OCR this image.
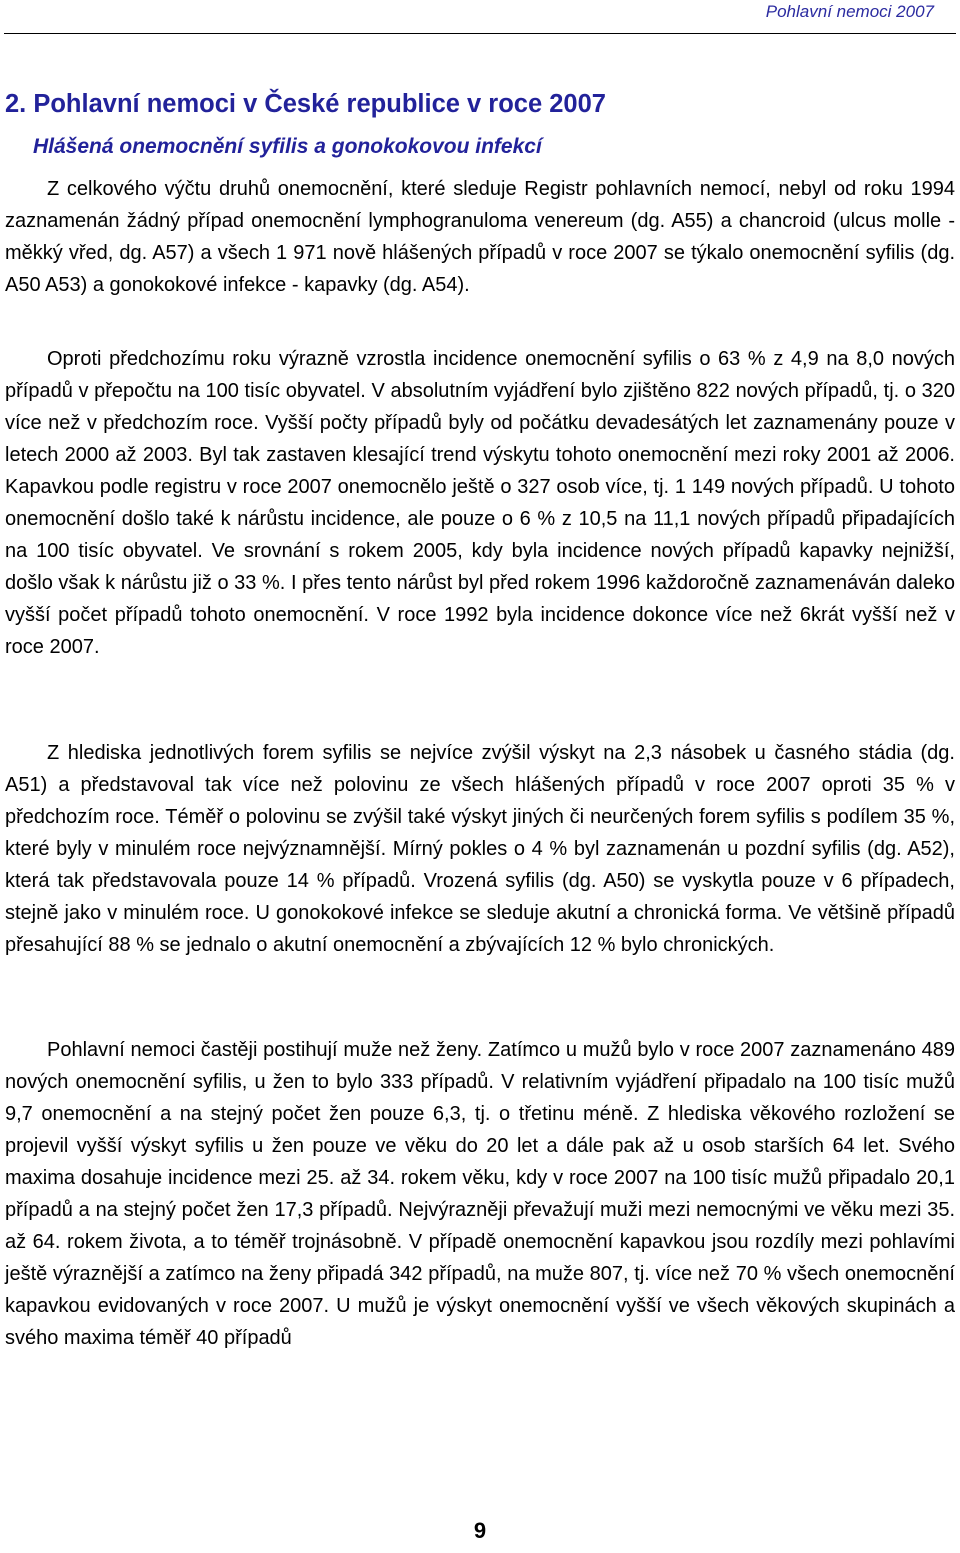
Pohlavní nemoci 2007
2. Pohlavní nemoci v České republice v roce 2007
Hlášená onemocnění syfilis a gonokokovou infekcí

Z celkového výčtu druhů onemocnění, které sleduje Registr pohlavních nemocí, nebyl od roku 1994 zaznamenán žádný případ onemocnění lymphogranuloma venereum (dg. A55) a chancroid (ulcus molle - měkký vřed, dg. A57) a všech 1 971 nově hlášených případů v roce 2007 se týkalo onemocnění syfilis (dg. A50 A53) a gonokokové infekce - kapavky (dg. A54).

Oproti předchozímu roku výrazně vzrostla incidence onemocnění syfilis o 63 % z 4,9 na 8,0 nových případů v přepočtu na 100 tisíc obyvatel. V absolutním vyjádření bylo zjištěno 822 nových případů, tj. o 320 více než v předchozím roce. Vyšší počty případů byly od počátku devadesátých let zaznamenány pouze v letech 2000 až 2003. Byl tak zastaven klesající trend výskytu tohoto onemocnění mezi roky 2001 až 2006. Kapavkou podle registru v roce 2007 onemocnělo ještě o 327 osob více, tj. 1 149 nových případů. U tohoto onemocnění došlo také k nárůstu incidence, ale pouze o 6 % z 10,5 na 11,1 nových případů připadajících na 100 tisíc obyvatel. Ve srovnání s rokem 2005, kdy byla incidence nových případů kapavky nejnižší, došlo však k nárůstu již o 33 %. I přes tento nárůst byl před rokem 1996 každoročně zaznamenáván daleko vyšší počet případů tohoto onemocnění. V roce 1992 byla incidence dokonce více než 6krát vyšší než v roce 2007.

Z hlediska jednotlivých forem syfilis se nejvíce zvýšil výskyt na 2,3 násobek u časného stádia (dg. A51) a představoval tak více než polovinu ze všech hlášených případů v roce 2007 oproti 35 % v předchozím roce. Téměř o polovinu se zvýšil také výskyt jiných či neurčených forem syfilis s podílem 35 %, které byly v minulém roce nejvýznamnější. Mírný pokles o 4 % byl zaznamenán u pozdní syfilis (dg. A52), která tak představovala pouze 14 % případů. Vrozená syfilis (dg. A50) se vyskytla pouze v 6 případech, stejně jako v minulém roce. U gonokokové infekce se sleduje akutní a chronická forma. Ve většině případů přesahující 88 % se jednalo o akutní onemocnění a zbývajících 12 % bylo chronických.

Pohlavní nemoci častěji postihují muže než ženy. Zatímco u mužů bylo v roce 2007 zaznamenáno 489 nových onemocnění syfilis, u žen to bylo 333 případů. V relativním vyjádření připadalo na 100 tisíc mužů 9,7 onemocnění a na stejný počet žen pouze 6,3, tj. o třetinu méně. Z hlediska věkového rozložení se projevil vyšší výskyt syfilis u žen pouze ve věku do 20 let a dále pak až u osob starších 64 let. Svého maxima dosahuje incidence mezi 25. až 34. rokem věku, kdy v roce 2007 na 100 tisíc mužů připadalo 20,1 případů a na stejný počet žen 17,3 případů. Nejvýrazněji převažují muži mezi nemocnými ve věku mezi 35. až 64. rokem života, a to téměř trojnásobně. V případě onemocnění kapavkou jsou rozdíly mezi pohlavími ještě výraznější a zatímco na ženy připadá 342 případů, na muže 807, tj. více než 70 % všech onemocnění kapavkou evidovaných v roce 2007. U mužů je výskyt onemocnění vyšší ve všech věkových skupinách a svého maxima téměř 40 případů

9
